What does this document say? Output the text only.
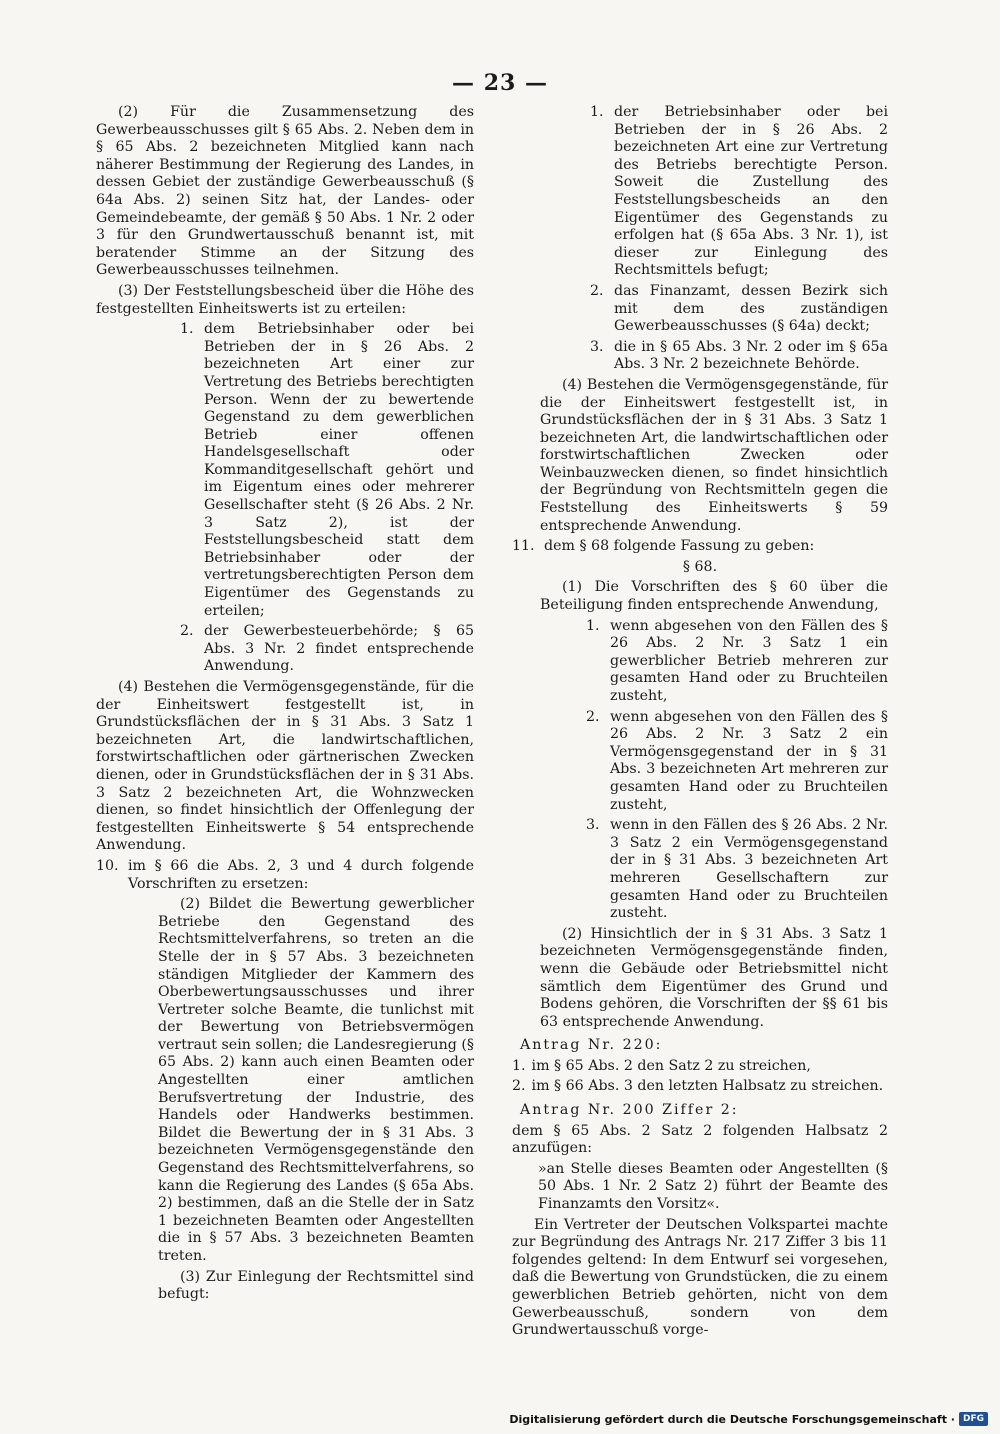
— 23 —

(2) Für die Zusammensetzung des Gewerbeausschusses gilt § 65 Abs. 2. Neben dem in § 65 Abs. 2 bezeichneten Mitglied kann nach näherer Bestimmung der Regierung des Landes, in dessen Gebiet der zuständige Gewerbeausschuß (§ 64a Abs. 2) seinen Sitz hat, der Landes- oder Gemeindebeamte, der gemäß § 50 Abs. 1 Nr. 2 oder 3 für den Grundwertausschuß benannt ist, mit beratender Stimme an der Sitzung des Gewerbeausschusses teilnehmen.

(3) Der Feststellungsbescheid über die Höhe des festgestellten Einheitswerts ist zu erteilen:

1. dem Betriebsinhaber oder bei Betrieben der in § 26 Abs. 2 bezeichneten Art einer zur Vertretung des Betriebs berechtigten Person. Wenn der zu bewertende Gegenstand zu dem gewerblichen Betrieb einer offenen Handelsgesellschaft oder Kommanditgesellschaft gehört und im Eigentum eines oder mehrerer Gesellschafter steht (§ 26 Abs. 2 Nr. 3 Satz 2), ist der Feststellungsbescheid statt dem Betriebsinhaber oder der vertretungsberechtigten Person dem Eigentümer des Gegenstands zu erteilen;
2. der Gewerbesteuerbehörde; § 65 Abs. 3 Nr. 2 findet entsprechende Anwendung.

(4) Bestehen die Vermögensgegenstände, für die der Einheitswert festgestellt ist, in Grundstücksflächen der in § 31 Abs. 3 Satz 1 bezeichneten Art, die landwirtschaftlichen, forstwirtschaftlichen oder gärtnerischen Zwecken dienen, oder in Grundstücksflächen der in § 31 Abs. 3 Satz 2 bezeichneten Art, die Wohnzwecken dienen, so findet hinsichtlich der Offenlegung der festgestellten Einheitswerte § 54 entsprechende Anwendung.

10. im § 66 die Abs. 2, 3 und 4 durch folgende Vorschriften zu ersetzen:

(2) Bildet die Bewertung gewerblicher Betriebe den Gegenstand des Rechtsmittelverfahrens, so treten an die Stelle der in § 57 Abs. 3 bezeichneten ständigen Mitglieder der Kammern des Oberbewertungsausschusses und ihrer Vertreter solche Beamte, die tunlichst mit der Bewertung von Betriebsvermögen vertraut sein sollen; die Landesregierung (§ 65 Abs. 2) kann auch einen Beamten oder Angestellten einer amtlichen Berufsvertretung der Industrie, des Handels oder Handwerks bestimmen. Bildet die Bewertung der in § 31 Abs. 3 bezeichneten Vermögensgegenstände den Gegenstand des Rechtsmittelverfahrens, so kann die Regierung des Landes (§ 65a Abs. 2) bestimmen, daß an die Stelle der in Satz 1 bezeichneten Beamten oder Angestellten die in § 57 Abs. 3 bezeichneten Beamten treten.

(3) Zur Einlegung der Rechtsmittel sind befugt:

1. der Betriebsinhaber oder bei Betrieben der in § 26 Abs. 2 bezeichneten Art eine zur Vertretung des Betriebs berechtigte Person. Soweit die Zustellung des Feststellungsbescheids an den Eigentümer des Gegenstands zu erfolgen hat (§ 65a Abs. 3 Nr. 1), ist dieser zur Einlegung des Rechtsmittels befugt;
2. das Finanzamt, dessen Bezirk sich mit dem des zuständigen Gewerbeausschusses (§ 64a) deckt;
3. die in § 65 Abs. 3 Nr. 2 oder im § 65a Abs. 3 Nr. 2 bezeichnete Behörde.

(4) Bestehen die Vermögensgegenstände, für die der Einheitswert festgestellt ist, in Grundstücksflächen der in § 31 Abs. 3 Satz 1 bezeichneten Art, die landwirtschaftlichen oder forstwirtschaftlichen Zwecken oder Weinbauzwecken dienen, so findet hinsichtlich der Begründung von Rechtsmitteln gegen die Feststellung des Einheitswerts § 59 entsprechende Anwendung.

11. dem § 68 folgende Fassung zu geben:

§ 68.

(1) Die Vorschriften des § 60 über die Beteiligung finden entsprechende Anwendung,

1. wenn abgesehen von den Fällen des § 26 Abs. 2 Nr. 3 Satz 1 ein gewerblicher Betrieb mehreren zur gesamten Hand oder zu Bruchteilen zusteht,
2. wenn abgesehen von den Fällen des § 26 Abs. 2 Nr. 3 Satz 2 ein Vermögensgegenstand der in § 31 Abs. 3 bezeichneten Art mehreren zur gesamten Hand oder zu Bruchteilen zusteht,
3. wenn in den Fällen des § 26 Abs. 2 Nr. 3 Satz 2 ein Vermögensgegenstand der in § 31 Abs. 3 bezeichneten Art mehreren Gesellschaftern zur gesamten Hand oder zu Bruchteilen zusteht.

(2) Hinsichtlich der in § 31 Abs. 3 Satz 1 bezeichneten Vermögensgegenstände finden, wenn die Gebäude oder Betriebsmittel nicht sämtlich dem Eigentümer des Grund und Bodens gehören, die Vorschriften der §§ 61 bis 63 entsprechende Anwendung.

Antrag Nr. 220:

1. im § 65 Abs. 2 den Satz 2 zu streichen,
2. im § 66 Abs. 3 den letzten Halbsatz zu streichen.

Antrag Nr. 200 Ziffer 2:

dem § 65 Abs. 2 Satz 2 folgenden Halbsatz 2 anzufügen:

»an Stelle dieses Beamten oder Angestellten (§ 50 Abs. 1 Nr. 2 Satz 2) führt der Beamte des Finanzamts den Vorsitz«.

Ein Vertreter der Deutschen Volkspartei machte zur Begründung des Antrags Nr. 217 Ziffer 3 bis 11 folgendes geltend: In dem Entwurf sei vorgesehen, daß die Bewertung von Grundstücken, die zu einem gewerblichen Betrieb gehörten, nicht von dem Gewerbeausschuß, sondern von dem Grundwertausschuß vorge-

Digitalisierung gefördert durch die Deutsche Forschungsgemeinschaft · DFG
